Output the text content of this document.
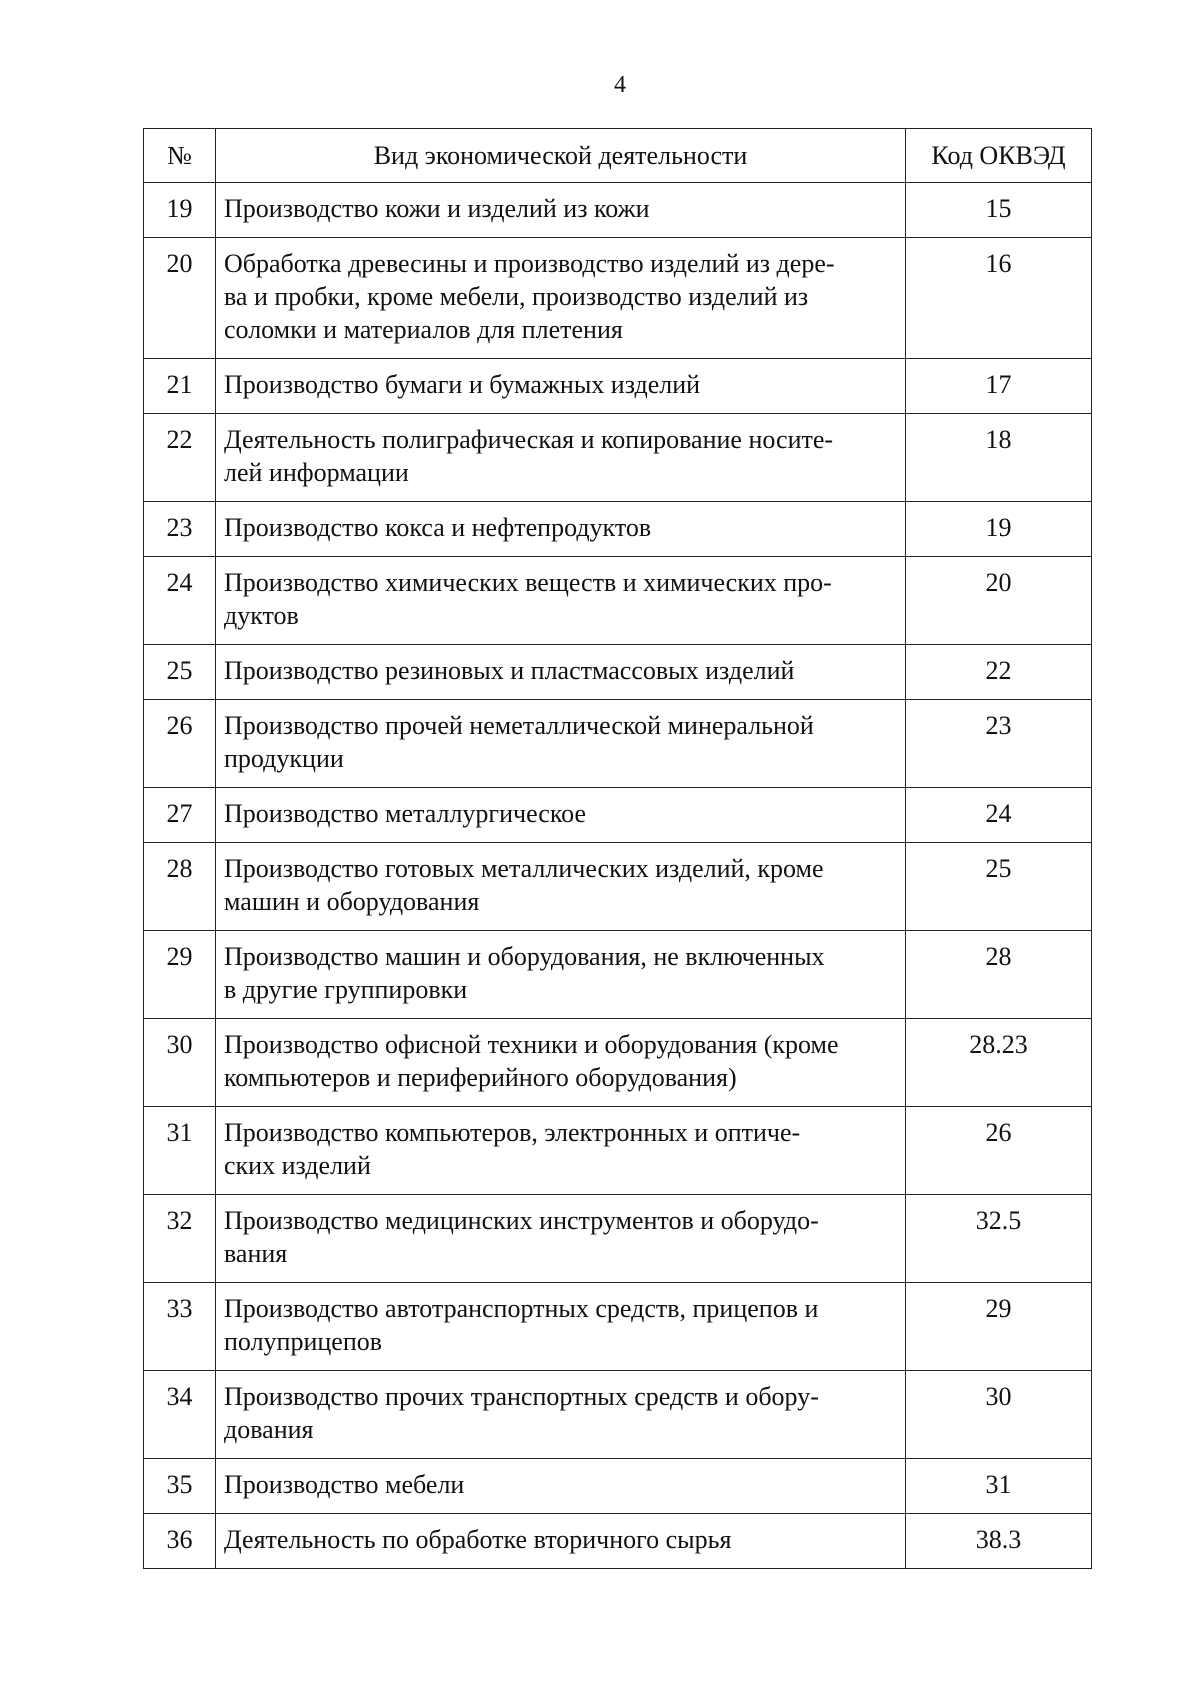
4
№	Вид экономической деятельности	Код ОКВЭД
19	Производство кожи и изделий из кожи	15
20	Обработка древесины и производство изделий из дере-
ва и пробки, кроме мебели, производство изделий из
соломки и материалов для плетения	16
21	Производство бумаги и бумажных изделий	17
22	Деятельность полиграфическая и копирование носите-
лей информации	18
23	Производство кокса и нефтепродуктов	19
24	Производство химических веществ и химических про-
дуктов	20
25	Производство резиновых и пластмассовых изделий	22
26	Производство прочей неметаллической минеральной
продукции	23
27	Производство металлургическое	24
28	Производство готовых металлических изделий, кроме
машин и оборудования	25
29	Производство машин и оборудования, не включенных
в другие группировки	28
30	Производство офисной техники и оборудования (кроме
компьютеров и периферийного оборудования)	28.23
31	Производство компьютеров, электронных и оптиче-
ских изделий	26
32	Производство медицинских инструментов и оборудо-
вания	32.5
33	Производство автотранспортных средств, прицепов и
полуприцепов	29
34	Производство прочих транспортных средств и обору-
дования	30
35	Производство мебели	31
36	Деятельность по обработке вторичного сырья	38.3
